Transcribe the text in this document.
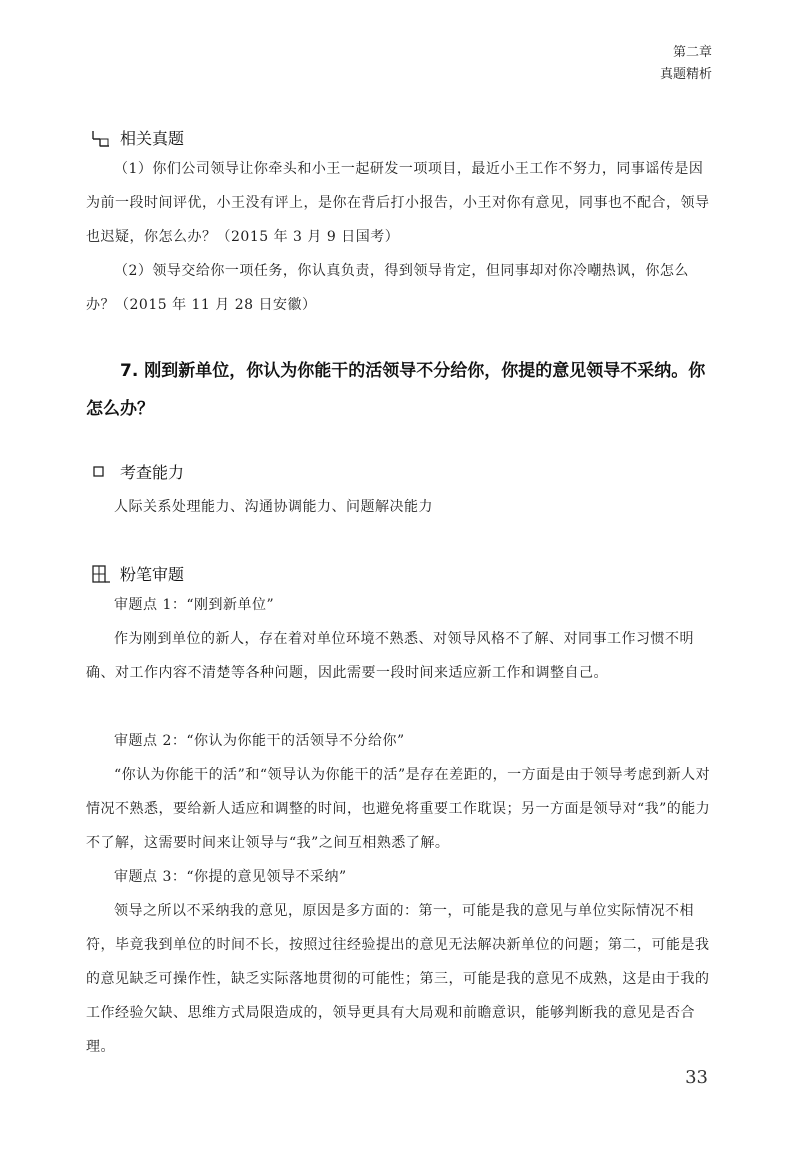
第二章
真题精析
相关真题
（1）你们公司领导让你牵头和小王一起研发一项项目，最近小王工作不努力，同事谣传是因为前一段时间评优，小王没有评上，是你在背后打小报告，小王对你有意见，同事也不配合，领导也迟疑，你怎么办？（2015 年 3 月 9 日国考）
（2）领导交给你一项任务，你认真负责，得到领导肯定，但同事却对你冷嘲热讽，你怎么办？（2015 年 11 月 28 日安徽）
7. 刚到新单位，你认为你能干的活领导不分给你，你提的意见领导不采纳。你怎么办？
考查能力
人际关系处理能力、沟通协调能力、问题解决能力
粉笔审题
审题点 1：“刚到新单位”
作为刚到单位的新人，存在着对单位环境不熟悉、对领导风格不了解、对同事工作习惯不明确、对工作内容不清楚等各种问题，因此需要一段时间来适应新工作和调整自己。
审题点 2：“你认为你能干的活领导不分给你”
“你认为你能干的活”和“领导认为你能干的活”是存在差距的，一方面是由于领导考虑到新人对情况不熟悉，要给新人适应和调整的时间，也避免将重要工作耽误；另一方面是领导对“我”的能力不了解，这需要时间来让领导与“我”之间互相熟悉了解。
审题点 3：“你提的意见领导不采纳”
领导之所以不采纳我的意见，原因是多方面的：第一，可能是我的意见与单位实际情况不相符，毕竟我到单位的时间不长，按照过往经验提出的意见无法解决新单位的问题；第二，可能是我的意见缺乏可操作性，缺乏实际落地贯彻的可能性；第三，可能是我的意见不成熟，这是由于我的工作经验欠缺、思维方式局限造成的，领导更具有大局观和前瞻意识，能够判断我的意见是否合理。
33
